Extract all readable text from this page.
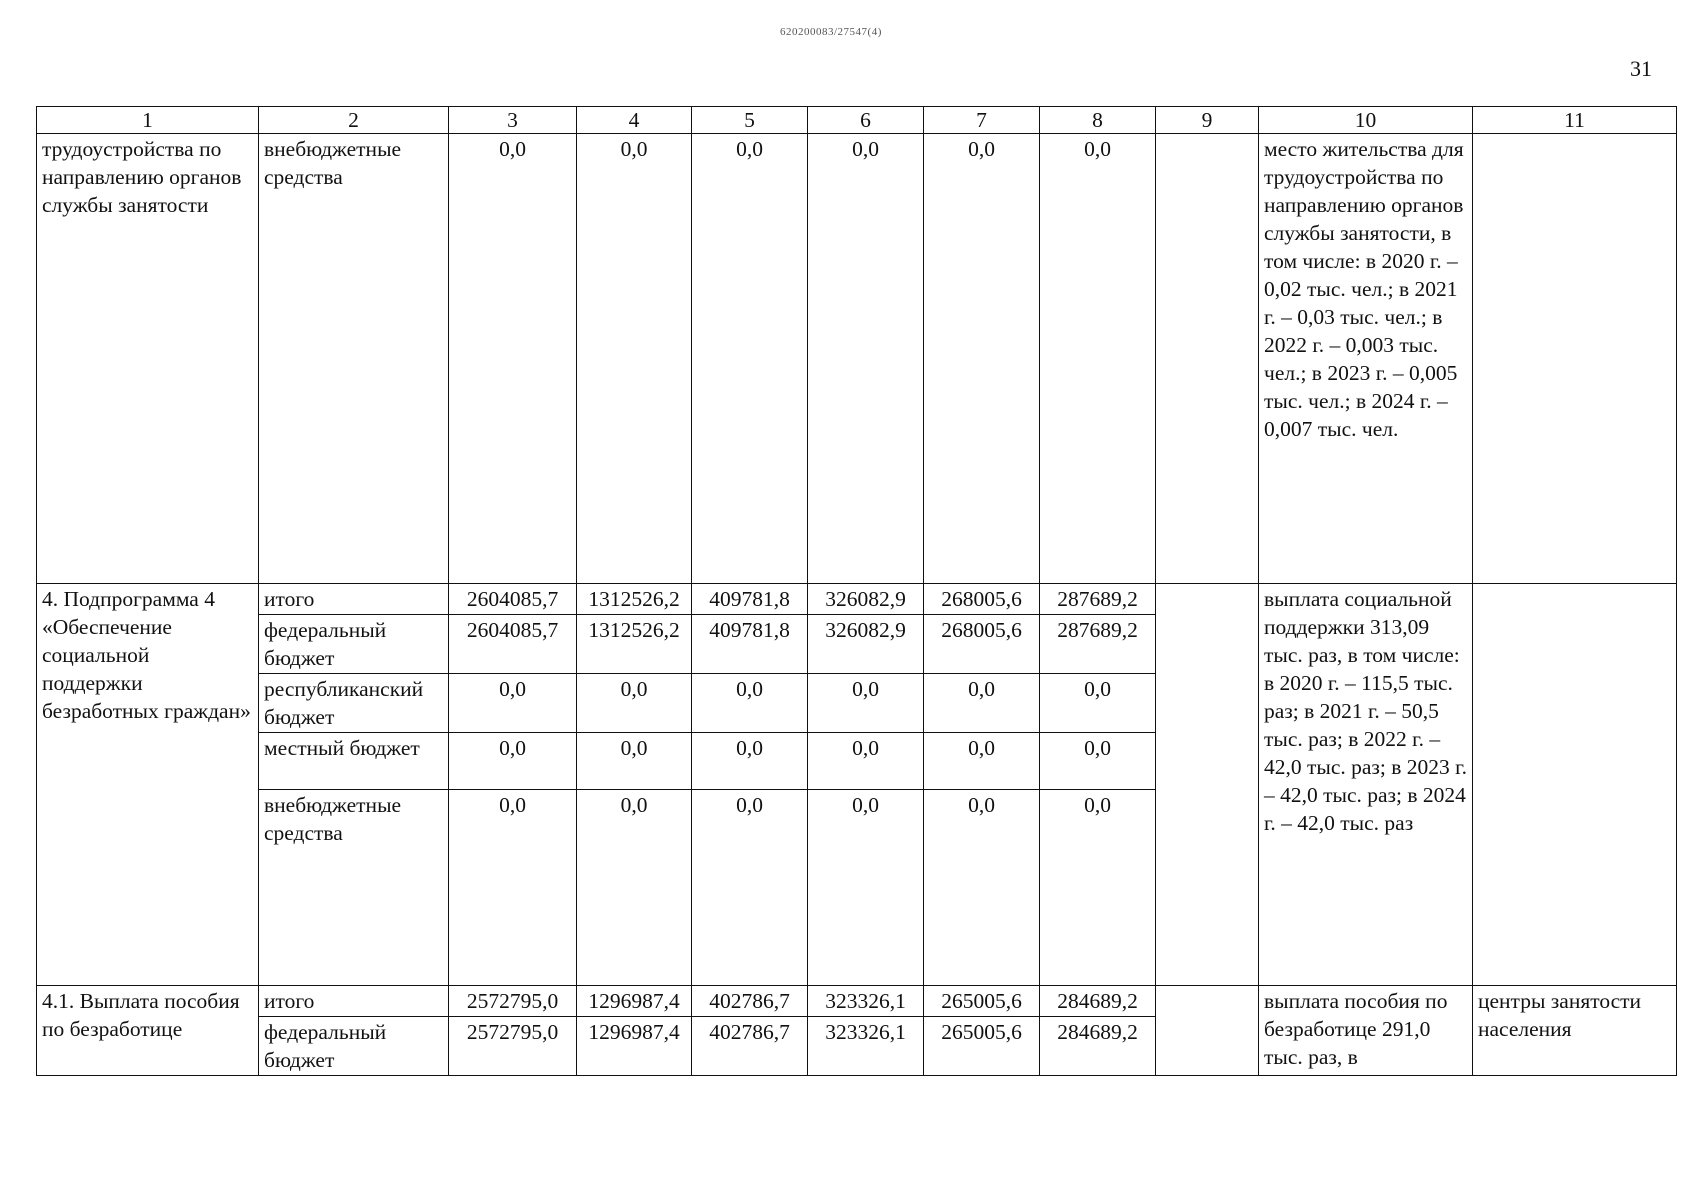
620200083/27547(4)
31
1	2	3	4	5	6	7	8	9	10	11
трудоустройства по направлению органов службы занятости	внебюджетные средства	0,0	0,0	0,0	0,0	0,0	0,0		место жительства для трудоустройства по направлению органов службы занятости, в том числе: в 2020 г. – 0,02 тыс. чел.; в 2021 г. – 0,03 тыс. чел.; в 2022 г. – 0,003 тыс. чел.; в 2023 г. – 0,005 тыс. чел.; в 2024 г. – 0,007 тыс. чел.	
4. Подпрограмма 4 «Обеспечение социальной поддержки безработных граждан»	итого	2604085,7	1312526,2	409781,8	326082,9	268005,6	287689,2		выплата социальной поддержки 313,09 тыс. раз, в том числе: в 2020 г. – 115,5 тыс. раз; в 2021 г. – 50,5 тыс. раз; в 2022 г. – 42,0 тыс. раз; в 2023 г. – 42,0 тыс. раз; в 2024 г. – 42,0 тыс. раз	
	федеральный бюджет	2604085,7	1312526,2	409781,8	326082,9	268005,6	287689,2			
	республиканский бюджет	0,0	0,0	0,0	0,0	0,0	0,0			
	местный бюджет	0,0	0,0	0,0	0,0	0,0	0,0			
	внебюджетные средства	0,0	0,0	0,0	0,0	0,0	0,0			
4.1. Выплата пособия по безработице	итого	2572795,0	1296987,4	402786,7	323326,1	265005,6	284689,2		выплата пособия по безработице 291,0 тыс. раз, в	центры занятости населения
	федеральный бюджет	2572795,0	1296987,4	402786,7	323326,1	265005,6	284689,2			
